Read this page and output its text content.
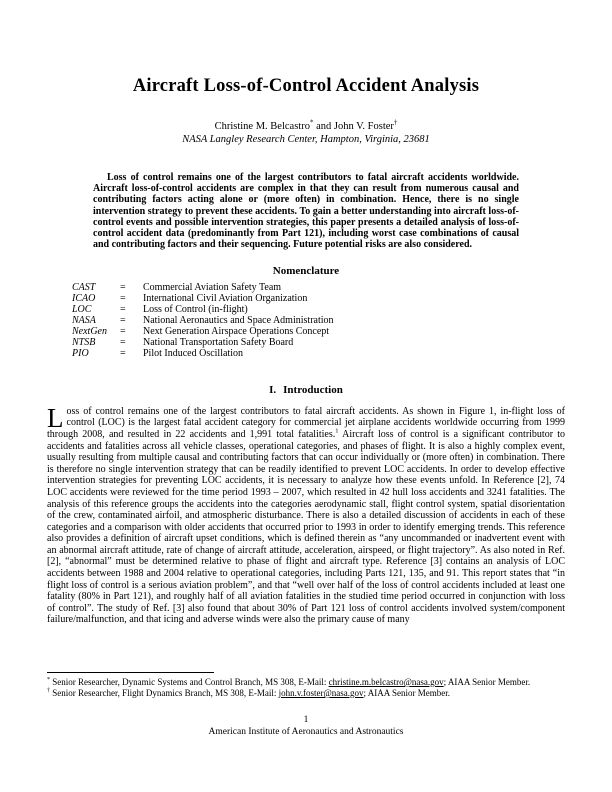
Aircraft Loss-of-Control Accident Analysis
Christine M. Belcastro* and John V. Foster†
NASA Langley Research Center, Hampton, Virginia, 23681

Loss of control remains one of the largest contributors to fatal aircraft accidents worldwide. Aircraft loss-of-control accidents are complex in that they can result from numerous causal and contributing factors acting alone or (more often) in combination. Hence, there is no single intervention strategy to prevent these accidents. To gain a better understanding into aircraft loss-of-control events and possible intervention strategies, this paper presents a detailed analysis of loss-of-control accident data (predominantly from Part 121), including worst case combinations of causal and contributing factors and their sequencing. Future potential risks are also considered.

Nomenclature
CAST	=	Commercial Aviation Safety Team
ICAO	=	International Civil Aviation Organization
LOC	=	Loss of Control (in-flight)
NASA	=	National Aeronautics and Space Administration
NextGen	=	Next Generation Airspace Operations Concept
NTSB	=	National Transportation Safety Board
PIO	=	Pilot Induced Oscillation
I. Introduction

Loss of control remains one of the largest contributors to fatal aircraft accidents. As shown in Figure 1, in-flight loss of control (LOC) is the largest fatal accident category for commercial jet airplane accidents worldwide occurring from 1999 through 2008, and resulted in 22 accidents and 1,991 total fatalities.$^1$ Aircraft loss of control is a significant contributor to accidents and fatalities across all vehicle classes, operational categories, and phases of flight. It is also a highly complex event, usually resulting from multiple causal and contributing factors that can occur individually or (more often) in combination. There is therefore no single intervention strategy that can be readily identified to prevent LOC accidents. In order to develop effective intervention strategies for preventing LOC accidents, it is necessary to analyze how these events unfold. In Reference [2], 74 LOC accidents were reviewed for the time period 1993 – 2007, which resulted in 42 hull loss accidents and 3241 fatalities. The analysis of this reference groups the accidents into the categories aerodynamic stall, flight control system, spatial disorientation of the crew, contaminated airfoil, and atmospheric disturbance. There is also a detailed discussion of accidents in each of these categories and a comparison with older accidents that occurred prior to 1993 in order to identify emerging trends. This reference also provides a definition of aircraft upset conditions, which is defined therein as “any uncommanded or inadvertent event with an abnormal aircraft attitude, rate of change of aircraft attitude, acceleration, airspeed, or flight trajectory”. As also noted in Ref. [2], “abnormal” must be determined relative to phase of flight and aircraft type. Reference [3] contains an analysis of LOC accidents between 1988 and 2004 relative to operational categories, including Parts 121, 135, and 91. This report states that “in flight loss of control is a serious aviation problem”, and that “well over half of the loss of control accidents included at least one fatality (80% in Part 121), and roughly half of all aviation fatalities in the studied time period occurred in conjunction with loss of control”. The study of Ref. [3] also found that about 30% of Part 121 loss of control accidents involved system/component failure/malfunction, and that icing and adverse winds were also the primary cause of many

* Senior Researcher, Dynamic Systems and Control Branch, MS 308, E-Mail: christine.m.belcastro@nasa.gov; AIAA Senior Member.
† Senior Researcher, Flight Dynamics Branch, MS 308, E-Mail: john.v.foster@nasa.gov; AIAA Senior Member.
1
American Institute of Aeronautics and Astronautics
